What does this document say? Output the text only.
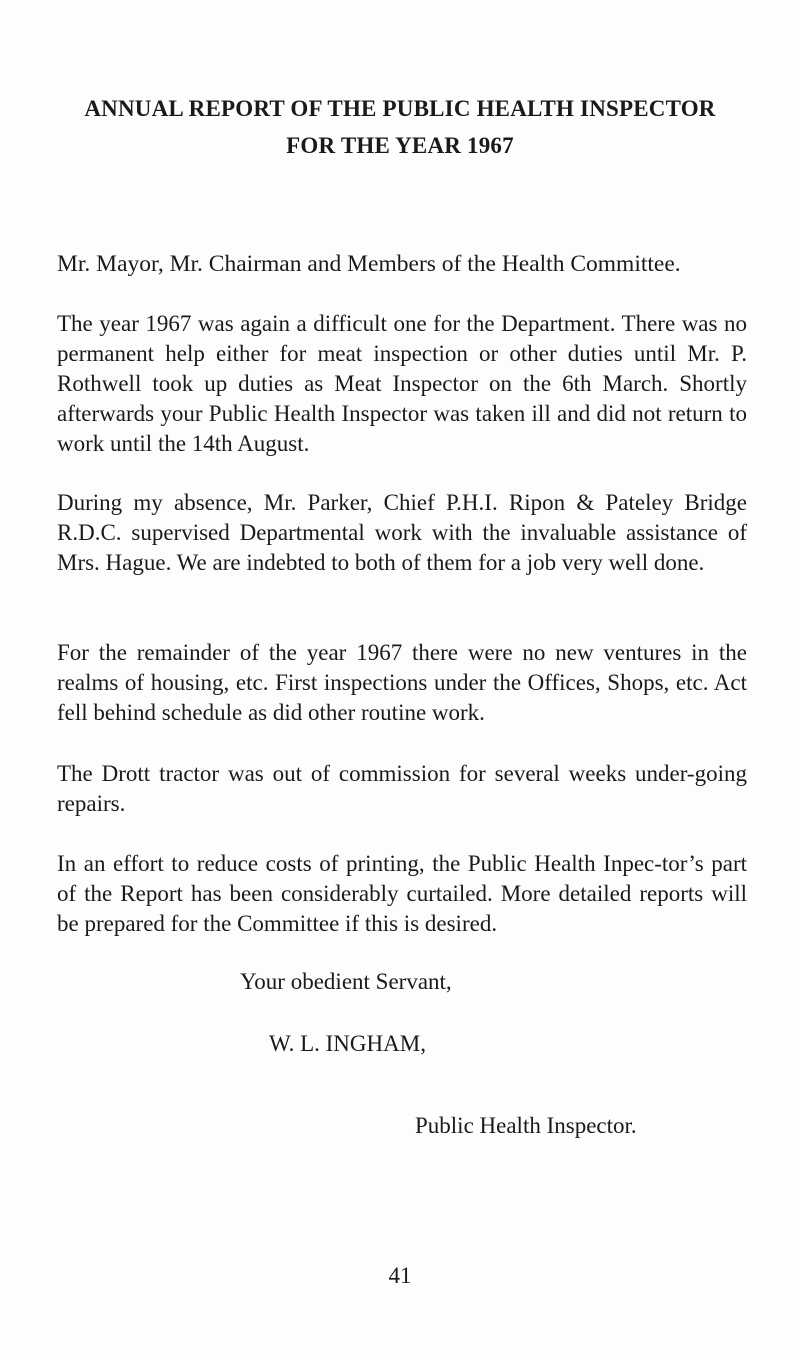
ANNUAL REPORT OF THE PUBLIC HEALTH INSPECTOR
FOR THE YEAR 1967

Mr. Mayor, Mr. Chairman and Members of the Health Committee.

The year 1967 was again a difficult one for the Department. There was no permanent help either for meat inspection or other duties until Mr. P. Rothwell took up duties as Meat Inspector on the 6th March. Shortly afterwards your Public Health Inspector was taken ill and did not return to work until the 14th August.

During my absence, Mr. Parker, Chief P.H.I. Ripon & Pateley Bridge R.D.C. supervised Departmental work with the invaluable assistance of Mrs. Hague. We are indebted to both of them for a job very well done.

For the remainder of the year 1967 there were no new ventures in the realms of housing, etc. First inspections under the Offices, Shops, etc. Act fell behind schedule as did other routine work.

The Drott tractor was out of commission for several weeks under-going repairs.

In an effort to reduce costs of printing, the Public Health Inpec-tor’s part of the Report has been considerably curtailed. More detailed reports will be prepared for the Committee if this is desired.

Your obedient Servant,

W. L. INGHAM,

Public Health Inspector.

41
